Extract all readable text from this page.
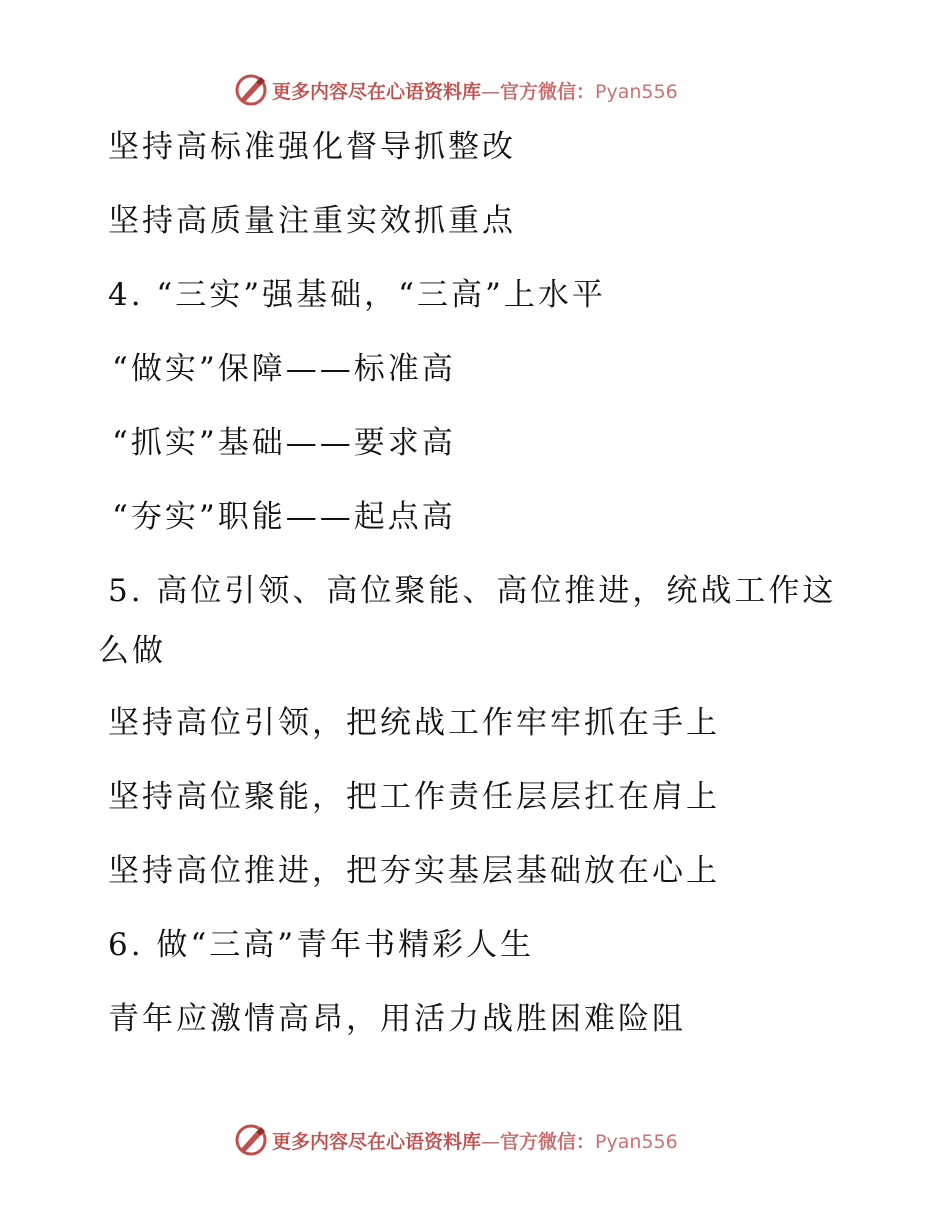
更多内容尽在心语资料库—官方微信：Pyan556
坚持高标准强化督导抓整改
坚持高质量注重实效抓重点
4. “三实”强基础，“三高”上水平
“做实”保障——标准高
“抓实”基础——要求高
“夯实”职能——起点高
5. 高位引领、高位聚能、高位推进，统战工作这
么做
坚持高位引领，把统战工作牢牢抓在手上
坚持高位聚能，把工作责任层层扛在肩上
坚持高位推进，把夯实基层基础放在心上
6. 做“三高”青年书精彩人生
青年应激情高昂，用活力战胜困难险阻
更多内容尽在心语资料库—官方微信：Pyan556
